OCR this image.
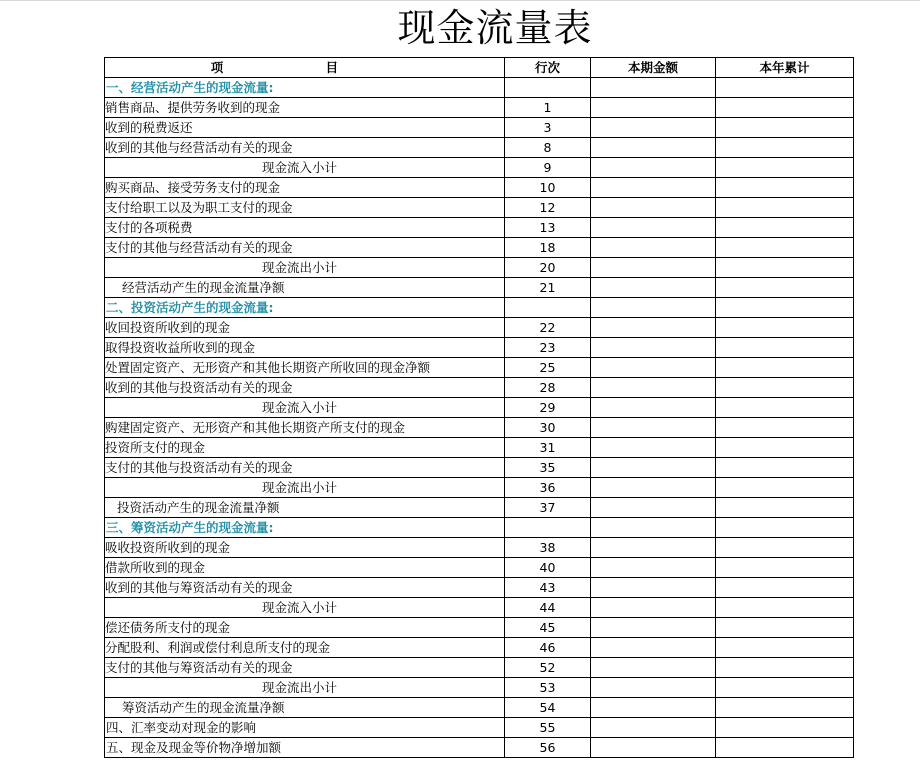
现金流量表
项 目	行次	本期金额	本年累计
一、经营活动产生的现金流量:			
销售商品、提供劳务收到的现金	1		
收到的税费返还	3		
收到的其他与经营活动有关的现金	8		
现金流入小计	9		
购买商品、接受劳务支付的现金	10		
支付给职工以及为职工支付的现金	12		
支付的各项税费	13		
支付的其他与经营活动有关的现金	18		
现金流出小计	20		
经营活动产生的现金流量净额	21		
二、投资活动产生的现金流量:			
收回投资所收到的现金	22		
取得投资收益所收到的现金	23		
处置固定资产、无形资产和其他长期资产所收回的现金净额	25		
收到的其他与投资活动有关的现金	28		
现金流入小计	29		
购建固定资产、无形资产和其他长期资产所支付的现金	30		
投资所支付的现金	31		
支付的其他与投资活动有关的现金	35		
现金流出小计	36		
投资活动产生的现金流量净额	37		
三、筹资活动产生的现金流量:			
吸收投资所收到的现金	38		
借款所收到的现金	40		
收到的其他与筹资活动有关的现金	43		
现金流入小计	44		
偿还债务所支付的现金	45		
分配股利、利润或偿付利息所支付的现金	46		
支付的其他与筹资活动有关的现金	52		
现金流出小计	53		
筹资活动产生的现金流量净额	54		
四、汇率变动对现金的影响	55		
五、现金及现金等价物净增加额	56		
